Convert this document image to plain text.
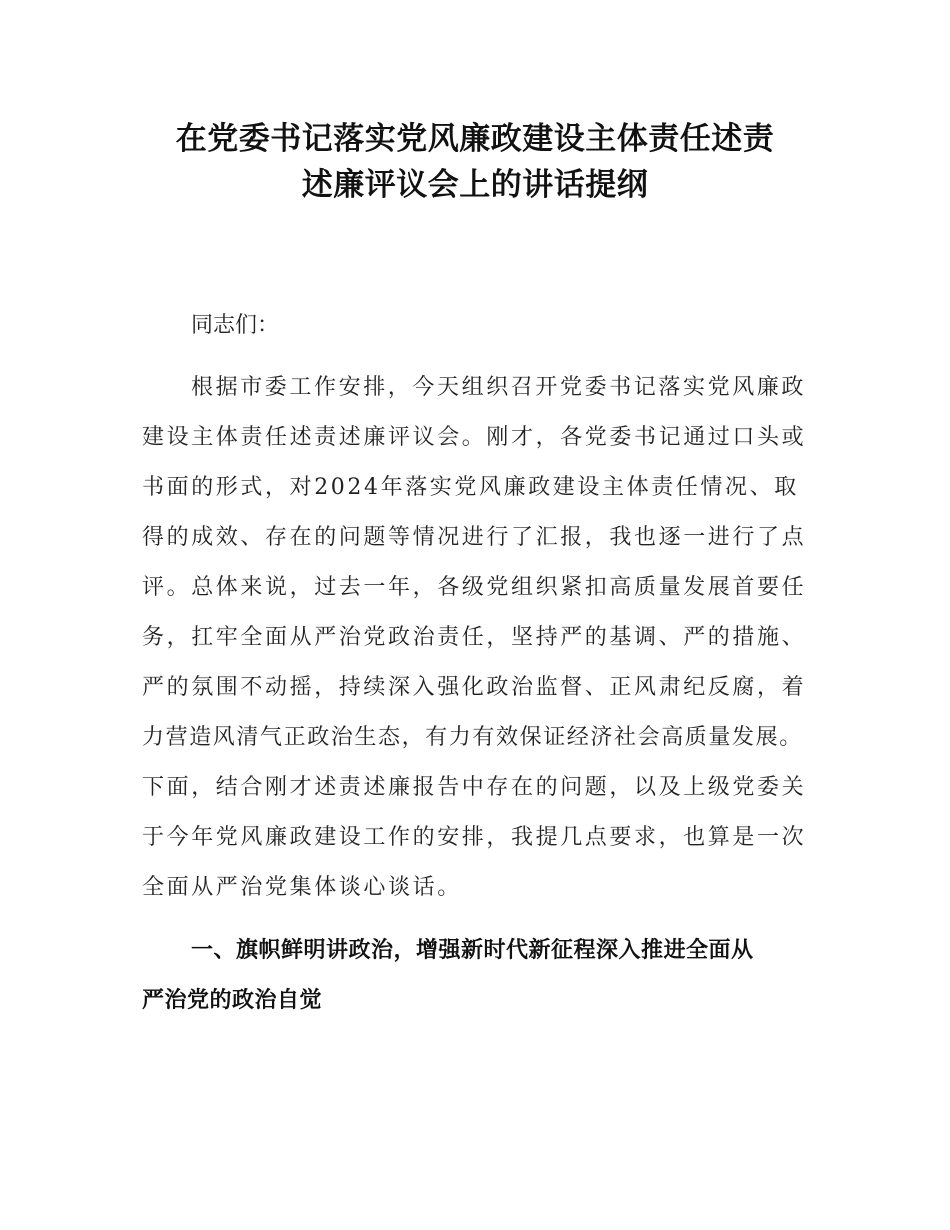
在党委书记落实党风廉政建设主体责任述责
述廉评议会上的讲话提纲
同志们：
根据市委工作安排，今天组织召开党委书记落实党风廉政
建设主体责任述责述廉评议会。刚才，各党委书记通过口头或
书面的形式，对2024年落实党风廉政建设主体责任情况、取
得的成效、存在的问题等情况进行了汇报，我也逐一进行了点
评。总体来说，过去一年，各级党组织紧扣高质量发展首要任
务，扛牢全面从严治党政治责任，坚持严的基调、严的措施、
严的氛围不动摇，持续深入强化政治监督、正风肃纪反腐，着
力营造风清气正政治生态，有力有效保证经济社会高质量发展。
下面，结合刚才述责述廉报告中存在的问题，以及上级党委关
于今年党风廉政建设工作的安排，我提几点要求，也算是一次
全面从严治党集体谈心谈话。
一、旗帜鲜明讲政治，增强新时代新征程深入推进全面从
严治党的政治自觉
